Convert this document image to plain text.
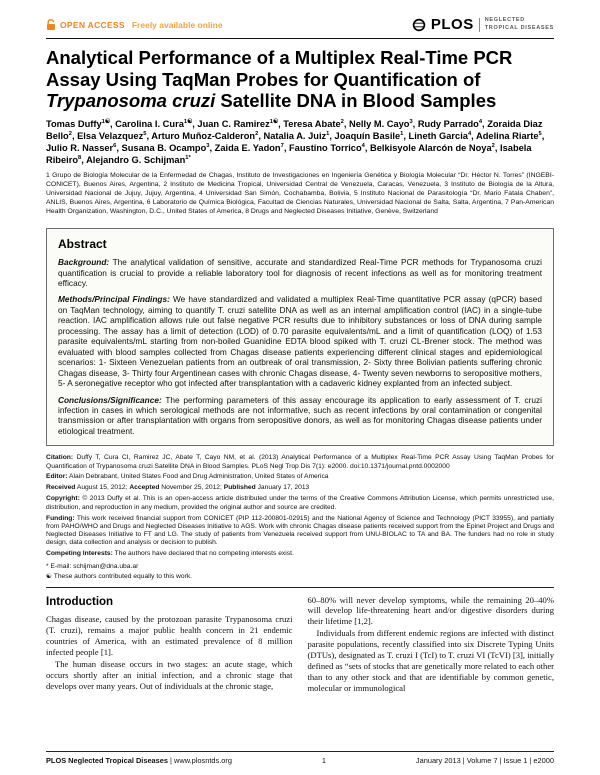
OPEN ACCESS Freely available online	PLOS NEGLECTED
TROPICAL DISEASES
Analytical Performance of a Multiplex Real-Time PCR Assay Using TaqMan Probes for Quantification of Trypanosoma cruzi Satellite DNA in Blood Samples

Tomas Duffy$^{1☯}$, Carolina I. Cura$^{1☯}$, Juan C. Ramirez$^{1☯}$, Teresa Abate$^2$, Nelly M. Cayo$^3$, Rudy Parrado$^4$, Zoraida Diaz Bello$^2$, Elsa Velazquez$^5$, Arturo Muñoz-Calderon$^2$, Natalia A. Juiz$^1$, Joaquín Basile$^1$, Lineth Garcia$^4$, Adelina Riarte$^5$, Julio R. Nasser$^6$, Susana B. Ocampo$^3$, Zaida E. Yadon$^7$, Faustino Torrico$^4$, Belkisyole Alarcón de Noya$^2$, Isabela Ribeiro$^8$, Alejandro G. Schijman$^{1*}$

1 Grupo de Biología Molecular de la Enfermedad de Chagas, Instituto de Investigaciones en Ingeniería Genética y Biología Molecular “Dr. Héctor N. Torres” (INGEBI-CONICET), Buenos Aires, Argentina, 2 Instituto de Medicina Tropical, Universidad Central de Venezuela, Caracas, Venezuela, 3 Instituto de Biología de la Altura, Universidad Nacional de Jujuy, Jujuy, Argentina, 4 Universidad San Simón, Cochabamba, Bolivia, 5 Instituto Nacional de Parasitología “Dr. Mario Fatala Chaben”, ANLIS, Buenos Aires, Argentina, 6 Laboratorio de Química Biológica, Facultad de Ciencias Naturales, Universidad Nacional de Salta, Salta, Argentina, 7 Pan-American Health Organization, Washington, D.C., United States of America, 8 Drugs and Neglected Diseases Initiative, Genève, Switzerland

Abstract

Background: The analytical validation of sensitive, accurate and standardized Real-Time PCR methods for Trypanosoma cruzi quantification is crucial to provide a reliable laboratory tool for diagnosis of recent infections as well as for monitoring treatment efficacy.

Methods/Principal Findings: We have standardized and validated a multiplex Real-Time quantitative PCR assay (qPCR) based on TaqMan technology, aiming to quantify T. cruzi satellite DNA as well as an internal amplification control (IAC) in a single-tube reaction. IAC amplification allows rule out false negative PCR results due to inhibitory substances or loss of DNA during sample processing. The assay has a limit of detection (LOD) of 0.70 parasite equivalents/mL and a limit of quantification (LOQ) of 1.53 parasite equivalents/mL starting from non-boiled Guanidine EDTA blood spiked with T. cruzi CL-Brener stock. The method was evaluated with blood samples collected from Chagas disease patients experiencing different clinical stages and epidemiological scenarios: 1- Sixteen Venezuelan patients from an outbreak of oral transmission, 2- Sixty three Bolivian patients suffering chronic Chagas disease, 3- Thirty four Argentinean cases with chronic Chagas disease, 4- Twenty seven newborns to seropositive mothers, 5- A seronegative receptor who got infected after transplantation with a cadaveric kidney explanted from an infected subject.

Conclusions/Significance: The performing parameters of this assay encourage its application to early assessment of T. cruzi infection in cases in which serological methods are not informative, such as recent infections by oral contamination or congenital transmission or after transplantation with organs from seropositive donors, as well as for monitoring Chagas disease patients under etiological treatment.

Citation: Duffy T, Cura CI, Ramirez JC, Abate T, Cayo NM, et al. (2013) Analytical Performance of a Multiplex Real-Time PCR Assay Using TaqMan Probes for Quantification of Trypanosoma cruzi Satellite DNA in Blood Samples. PLoS Negl Trop Dis 7(1): e2000. doi:10.1371/journal.pntd.0002000

Editor: Alain Debrabant, United States Food and Drug Administration, United States of America

Received August 15, 2012; Accepted November 25, 2012; Published January 17, 2013

Copyright: © 2013 Duffy et al. This is an open-access article distributed under the terms of the Creative Commons Attribution License, which permits unrestricted use, distribution, and reproduction in any medium, provided the original author and source are credited.

Funding: This work received financial support from CONICET (PIP 112-200801-02915) and the National Agency of Science and Technology (PICT 33955), and partially from PAHO/WHO and Drugs and Neglected Diseases Initiative to AGS. Work with chronic Chagas disease patients received support from the Epinet Project and Drugs and Neglected Diseases Initiative to FT and LG. The study of patients from Venezuela received support from UNU-BIOLAC to TA and BA. The funders had no role in study design, data collection and analysis or decision to publish.

Competing Interests: The authors have declared that no competing interests exist.

* E-mail: schijman@dna.uba.ar

☯ These authors contributed equally to this work.

Introduction

Chagas disease, caused by the protozoan parasite Trypanosoma cruzi (T. cruzi), remains a major public health concern in 21 endemic countries of America, with an estimated prevalence of 8 million infected people [1].

The human disease occurs in two stages: an acute stage, which occurs shortly after an initial infection, and a chronic stage that develops over many years. Out of individuals at the chronic stage,

60–80% will never develop symptoms, while the remaining 20–40% will develop life-threatening heart and/or digestive disorders during their lifetime [1,2].

Individuals from different endemic regions are infected with distinct parasite populations, recently classified into six Discrete Typing Units (DTUs), designated as T. cruzi I (TcI) to T. cruzi VI (TcVI) [3], initially defined as “sets of stocks that are genetically more related to each other than to any other stock and that are identifiable by common genetic, molecular or immunological

PLOS Neglected Tropical Diseases | www.plosntds.org	1	January 2013 | Volume 7 | Issue 1 | e2000
